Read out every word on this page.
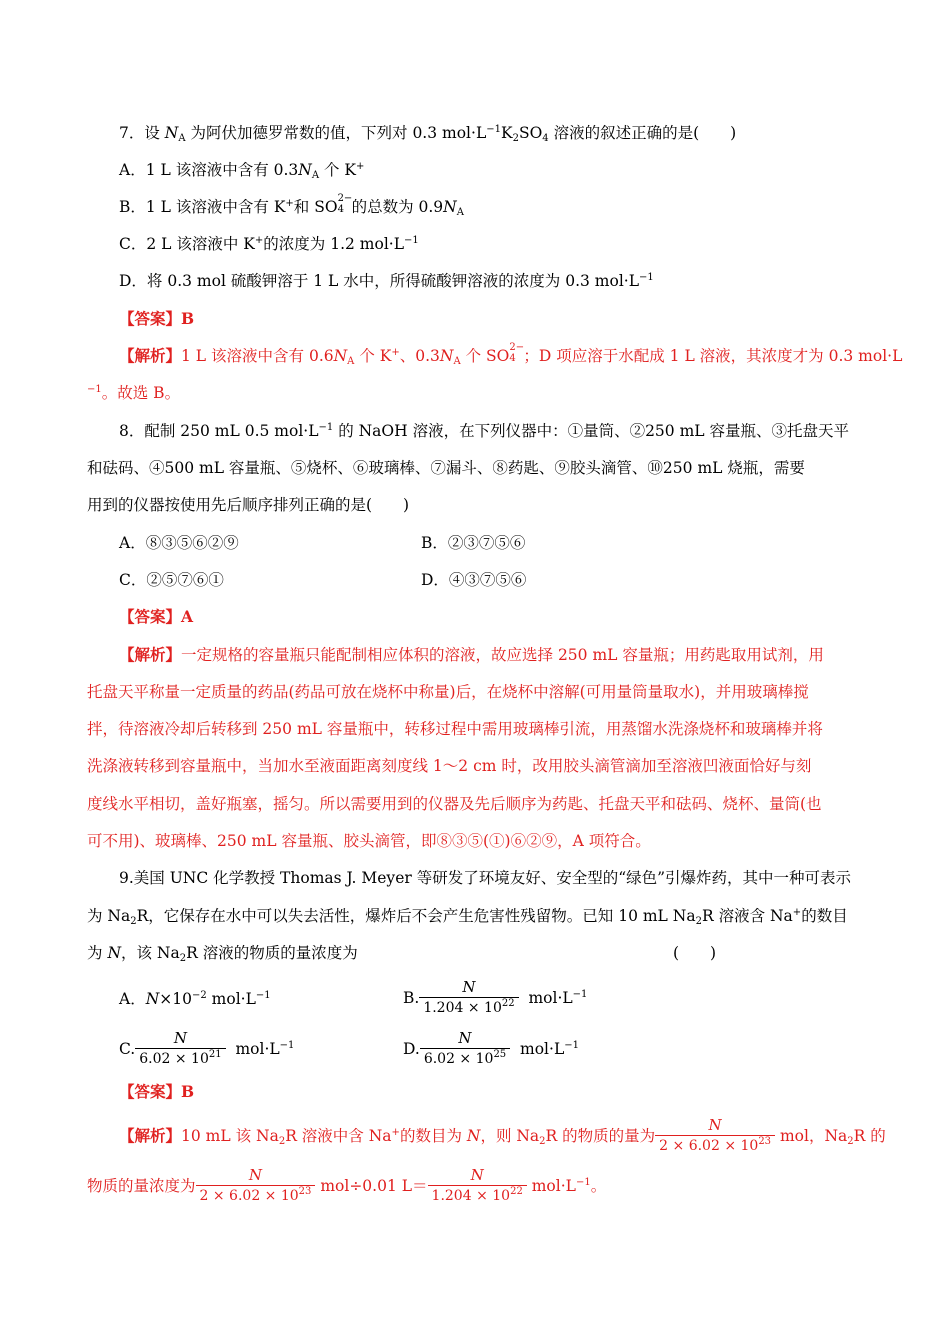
7．设 $N_A$ 为阿伏加德罗常数的值，下列对 0.3 $mol\cdot L^{-1}K_2SO_4$ 溶液的叙述正确的是(　　)
A．1 L 该溶液中含有 $0.3N_A$ 个 K+
B．1 L 该溶液中含有 K+和 SO 2−
4 的总数为 $0.9N_A$
C．2 L 该溶液中 K+的浓度为 1.2 $mol\cdot L^{-1}$
D．将 0.3 mol 硫酸钾溶于 1 L 水中，所得硫酸钾溶液的浓度为 0.3 $mol\cdot L^{-1}$
【答案】B
【解析】1 L 该溶液中含有 $0.6N_A$ 个 K+、$0.3N_A$ 个 SO 2−
4 ；D 项应溶于水配成 1 L 溶液，其浓度才为 0.3 mol·L
$^{-1}$。故选 B。
8．配制 250 mL 0.5 $mol\cdot L^{-1}$ 的 NaOH 溶液，在下列仪器中：①量筒、②250 mL 容量瓶、③托盘天平
和砝码、④500 mL 容量瓶、⑤烧杯、⑥玻璃棒、⑦漏斗、⑧药匙、⑨胶头滴管、⑩250 mL 烧瓶，需要
用到的仪器按使用先后顺序排列正确的是(　　)
A．⑧③⑤⑥②⑨	B．②③⑦⑤⑥
C．②⑤⑦⑥①	D．④③⑦⑤⑥
【答案】A
【解析】一定规格的容量瓶只能配制相应体积的溶液，故应选择 250 mL 容量瓶；用药匙取用试剂，用
托盘天平称量一定质量的药品(药品可放在烧杯中称量)后，在烧杯中溶解(可用量筒量取水)，并用玻璃棒搅
拌，待溶液冷却后转移到 250 mL 容量瓶中，转移过程中需用玻璃棒引流，用蒸馏水洗涤烧杯和玻璃棒并将
洗涤液转移到容量瓶中，当加水至液面距离刻度线 1～2 cm 时，改用胶头滴管滴加至溶液凹液面恰好与刻
度线水平相切，盖好瓶塞，摇匀。所以需要用到的仪器及先后顺序为药匙、托盘天平和砝码、烧杯、量筒(也
可不用)、玻璃棒、250 mL 容量瓶、胶头滴管，即⑧③⑤(①)⑥②⑨，A 项符合。
9.美国 UNC 化学教授 Thomas J. Meyer 等研发了环境友好、安全型的“绿色”引爆炸药，其中一种可表示
为 $Na_2R$，它保存在水中可以失去活性，爆炸后不会产生危害性残留物。已知 10 mL $Na_2R$ 溶液含 Na+的数目
为 N，该 $Na_2R$ 溶液的物质的量浓度为	(　　)
A．$N\times 10^{-2}$ $mol\cdot L^{-1}$	B. $\frac{N}{1.204 \times 10^{22}} mol\cdot L^{-1}$
C. $\frac{N}{6.02 \times 10^{21}} mol\cdot L^{-1}$	D. $\frac{N}{6.02 \times 10^{25}} mol\cdot L^{-1}$
【答案】B
【解析】10 mL 该 $Na_2R$ 溶液中含 Na+的数目为 N，则 $Na_2R$ 的物质的量为 $\frac{N}{2 \times 6.02 \times 10^{23}}$ mol，$Na_2R$ 的
物质的量浓度为 $\frac{N}{2 \times 6.02 \times 10^{23}} mol\div 0.01$ $L= \frac{N}{1.204 \times 10^{22}} mol\cdot L^{-1}$。
